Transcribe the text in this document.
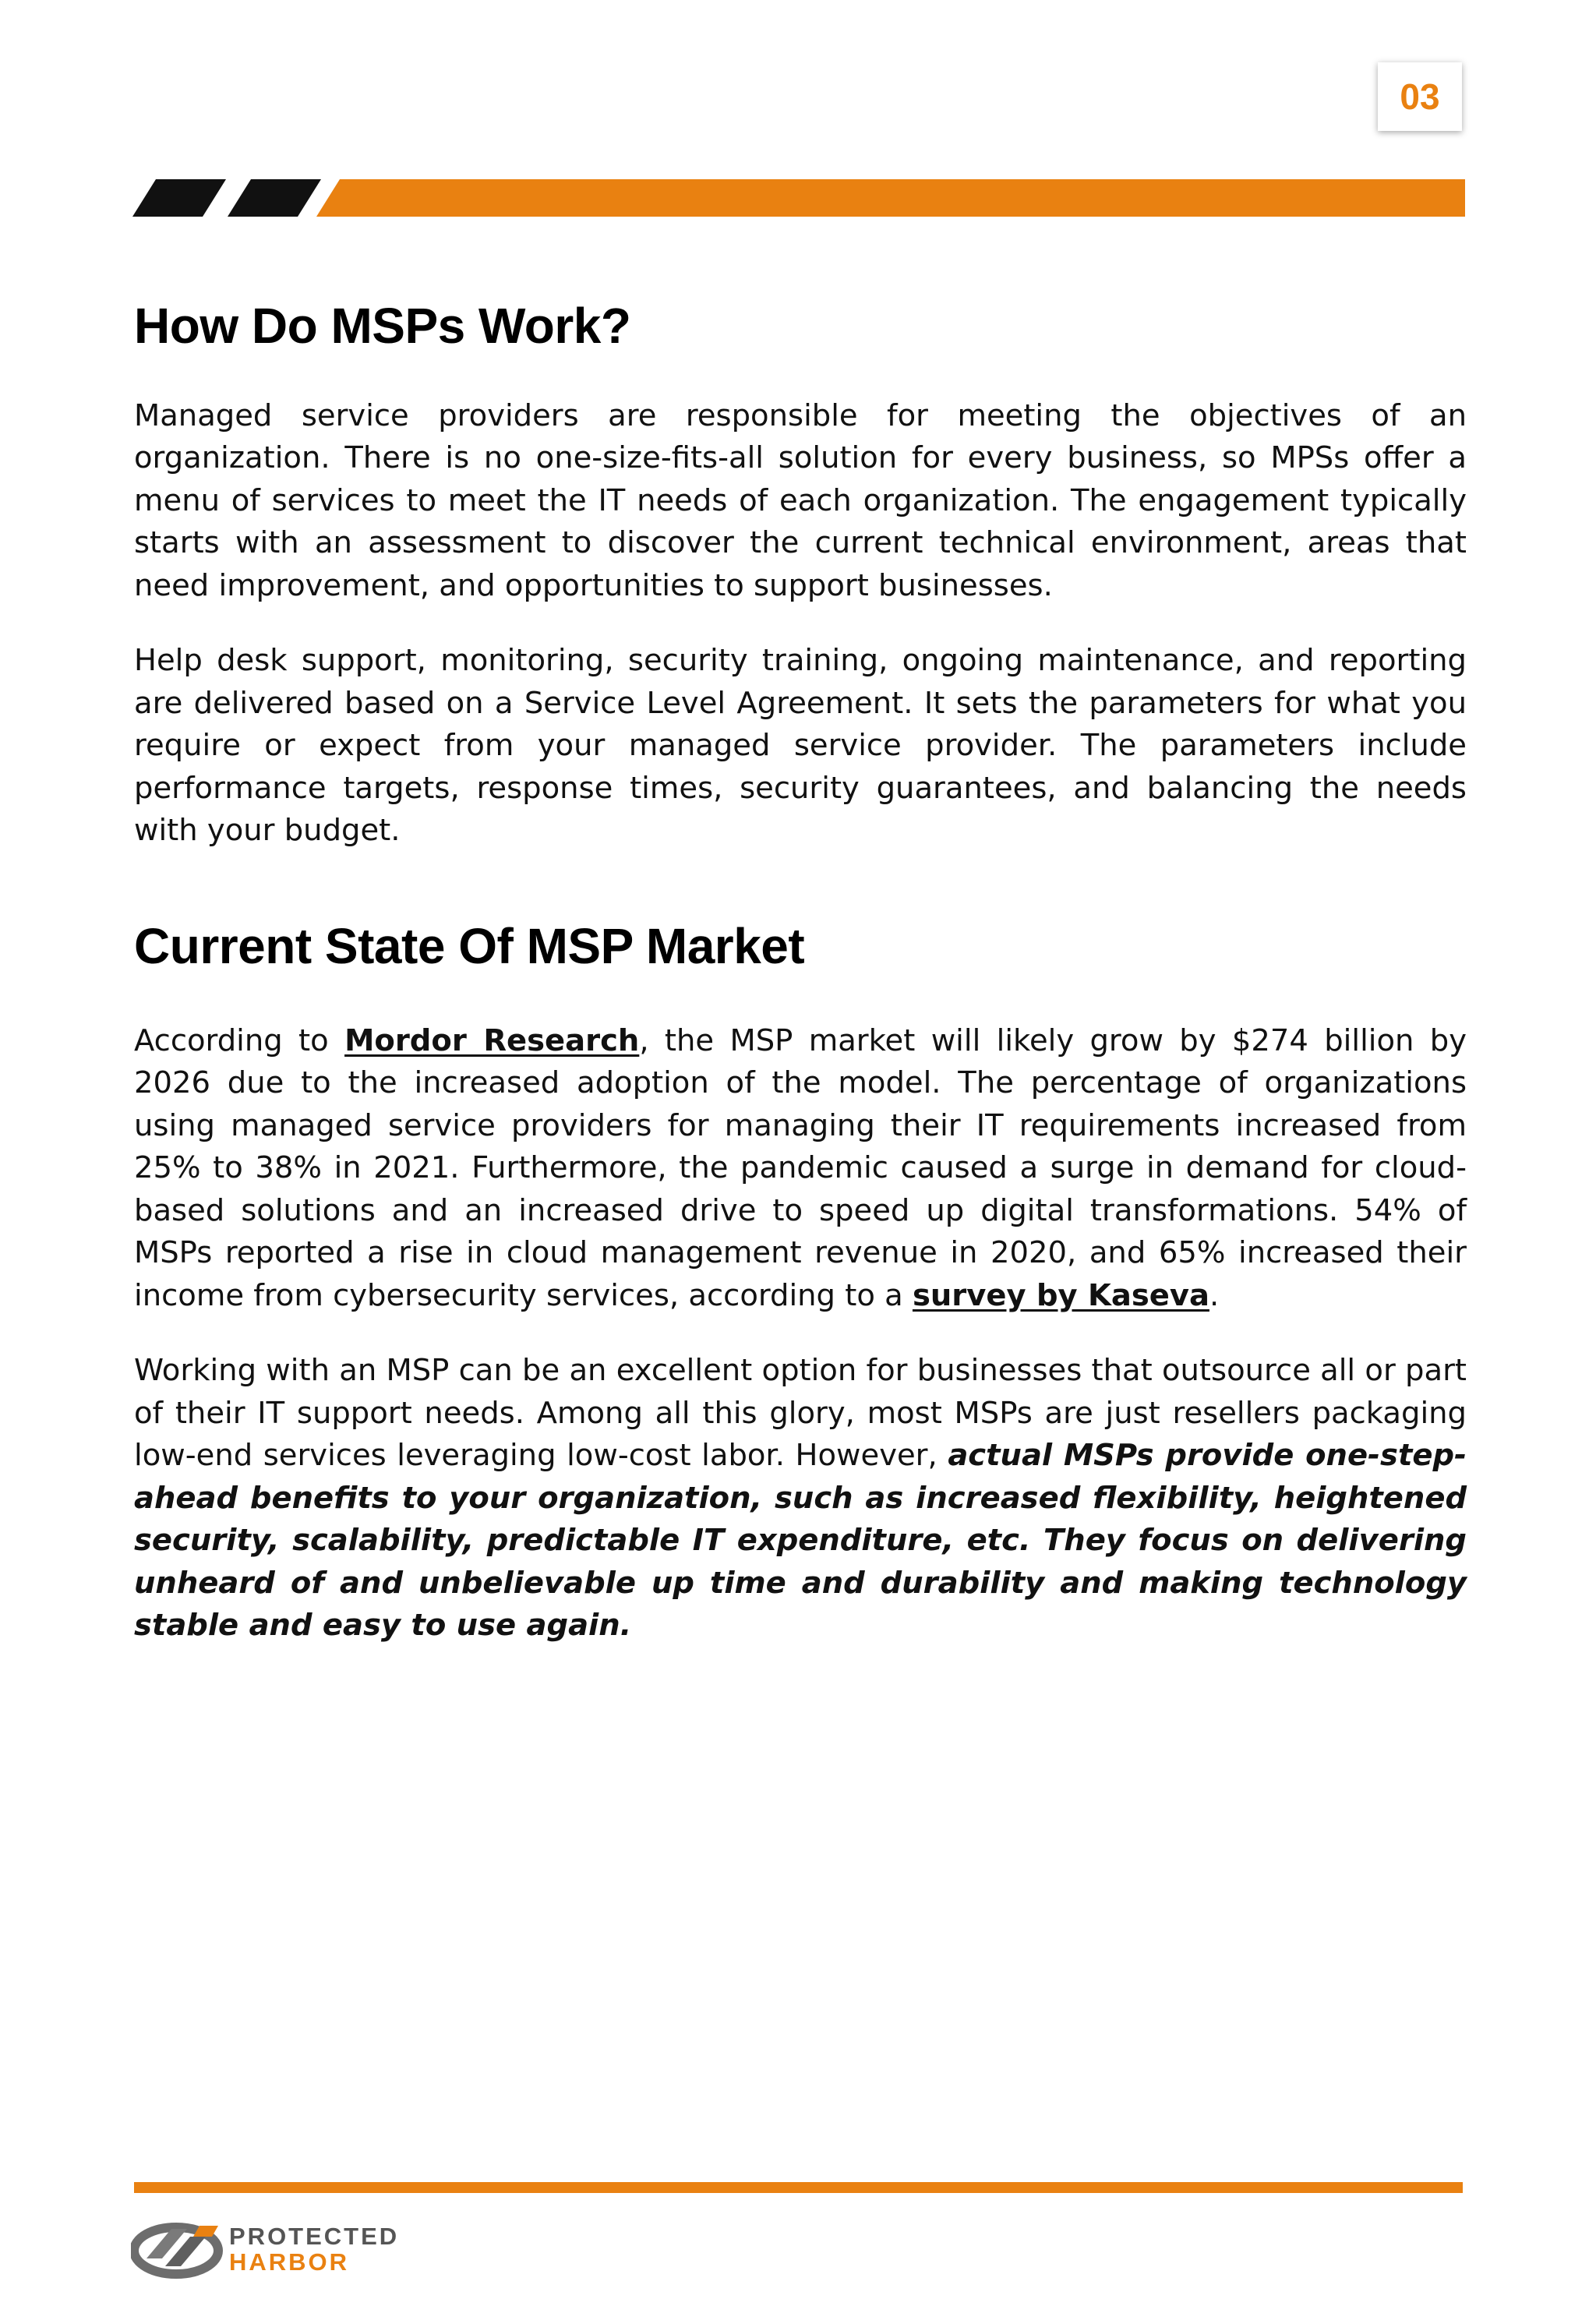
03
How Do MSPs Work?

Managed service providers are responsible for meeting the objectives of an organization. There is no one-size-fits-all solution for every business, so MPSs offer a menu of services to meet the IT needs of each organization. The engagement typically starts with an assessment to discover the current technical environment, areas that need improvement, and opportunities to support businesses.

Help desk support, monitoring, security training, ongoing maintenance, and reporting are delivered based on a Service Level Agreement. It sets the parameters for what you require or expect from your managed service provider. The parameters include performance targets, response times, security guarantees, and balancing the needs with your budget.

Current State Of MSP Market

According to Mordor Research, the MSP market will likely grow by $274 billion by 2026 due to the increased adoption of the model. The percentage of organizations using managed service providers for managing their IT requirements increased from 25% to 38% in 2021. Furthermore, the pandemic caused a surge in demand for cloud-based solutions and an increased drive to speed up digital transformations. 54% of MSPs reported a rise in cloud management revenue in 2020, and 65% increased their income from cybersecurity services, according to a survey by Kaseva.

Working with an MSP can be an excellent option for businesses that outsource all or part of their IT support needs. Among all this glory, most MSPs are just resellers packaging low-end services leveraging low-cost labor. However, actual MSPs provide one-step-ahead benefits to your organization, such as increased flexibility, heightened security, scalability, predictable IT expenditure, etc. They focus on delivering unheard of and unbelievable up time and durability and making technology stable and easy to use again.

PROTECTED
HARBOR
